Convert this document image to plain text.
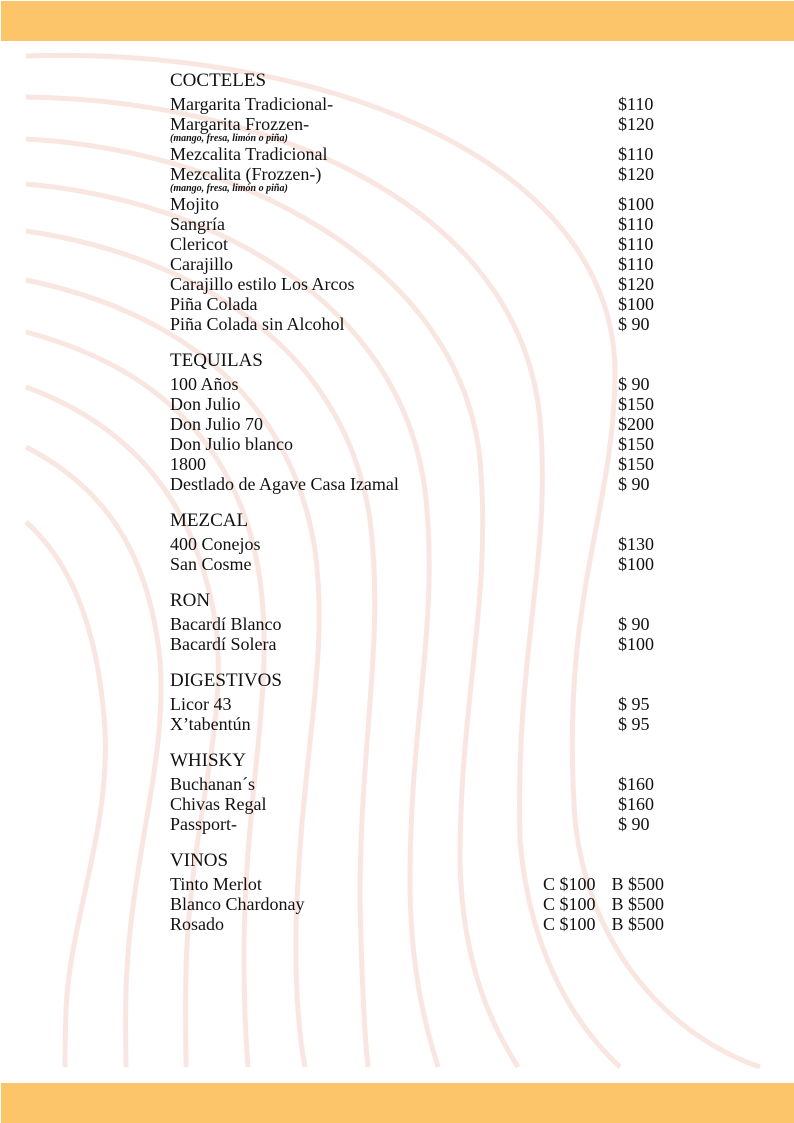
COCTELES
Margarita Tradicional-	$110
Margarita Frozzen-	$120
(mango, fresa, limón o piña)
Mezcalita Tradicional	$110
Mezcalita (Frozzen-)	$120
(mango, fresa, limón o piña)
Mojito	$100
Sangría	$110
Clericot	$110
Carajillo	$110
Carajillo estilo Los Arcos	$120
Piña Colada	$100
Piña Colada sin Alcohol	$ 90
TEQUILAS
100 Años	$ 90
Don Julio	$150
Don Julio 70	$200
Don Julio blanco	$150
1800	$150
Destlado de Agave Casa Izamal	$ 90
MEZCAL
400 Conejos	$130
San Cosme	$100
RON
Bacardí Blanco	$ 90
Bacardí Solera	$100
DIGESTIVOS
Licor 43	$ 95
X’tabentún	$ 95
WHISKY
Buchanan´s	$160
Chivas Regal	$160
Passport-	$ 90
VINOS
Tinto Merlot	C $100 B $500
Blanco Chardonay	C $100 B $500
Rosado	C $100 B $500
